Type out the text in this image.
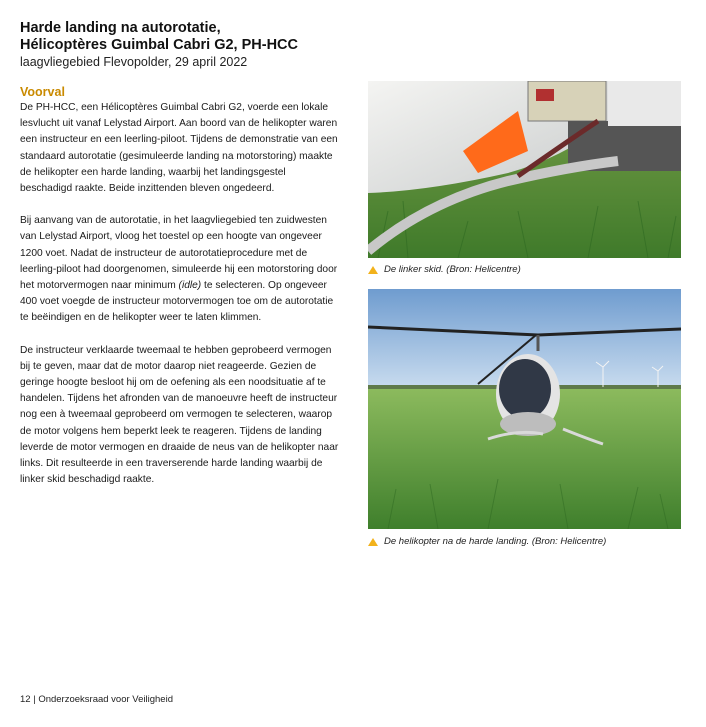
Harde landing na autorotatie,

Hélicoptères Guimbal Cabri G2, PH-HCC

laagvliegebied Flevopolder, 29 april 2022

Voorval

De PH-HCC, een Hélicoptères Guimbal Cabri G2, voerde een lokale lesvlucht uit vanaf Lelystad Airport. Aan boord van de helikopter waren een instructeur en een leerling-piloot. Tijdens de demonstratie van een standaard autorotatie (gesimuleerde landing na motorstoring) maakte de helikopter een harde landing, waarbij het landingsgestel beschadigd raakte. Beide inzittenden bleven ongedeerd.

Bij aanvang van de autorotatie, in het laagvliegebied ten zuidwesten van Lelystad Airport, vloog het toestel op een hoogte van ongeveer 1200 voet. Nadat de instructeur de autorotatieprocedure met de leerling-piloot had doorgenomen, simuleerde hij een motorstoring door het motorvermogen naar minimum (idle) te selecteren. Op ongeveer 400 voet voegde de instructeur motorvermogen toe om de autorotatie te beëindigen en de helikopter weer te laten klimmen.

De instructeur verklaarde tweemaal te hebben geprobeerd vermogen bij te geven, maar dat de motor daarop niet reageerde. Gezien de geringe hoogte besloot hij om de oefening als een noodsituatie af te handelen. Tijdens het afronden van de manoeuvre heeft de instructeur nog een à tweemaal geprobeerd om vermogen te selecteren, waarop de motor volgens hem beperkt leek te reageren. Tijdens de landing leverde de motor vermogen en draaide de neus van de helikopter naar links. Dit resulteerde in een traverserende harde landing waarbij de linker skid beschadigd raakte.

De linker skid. (Bron: Helicentre)
De helikopter na de harde landing. (Bron: Helicentre)
12 | Onderzoeksraad voor Veiligheid
